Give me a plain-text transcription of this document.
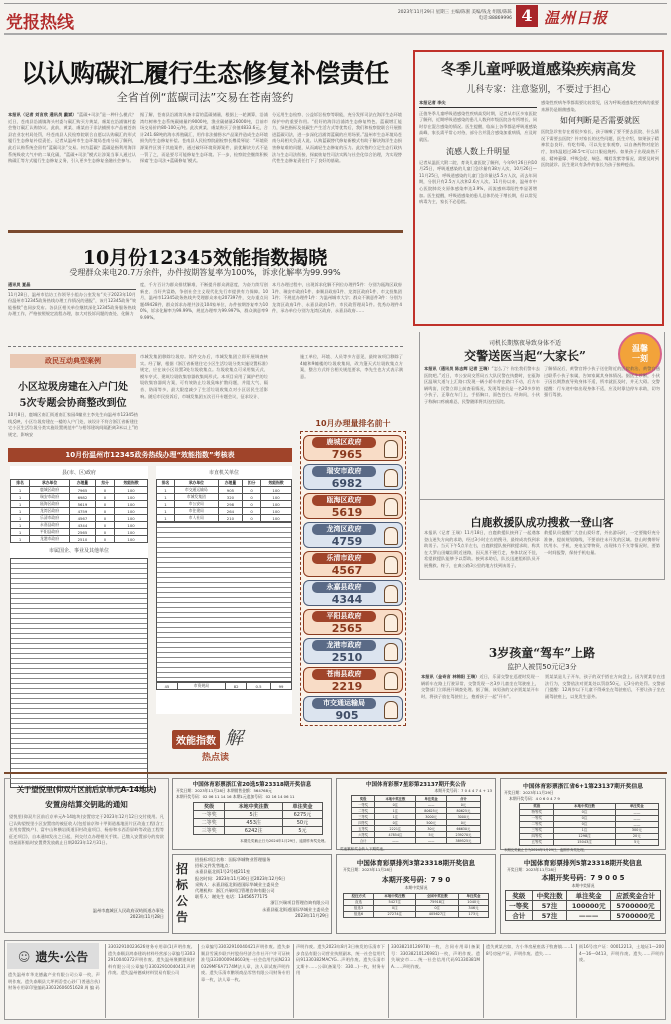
党报热线
2023年11月29日 星期三 主编/陈蜜 美编/钱龙 组版/陈陈
电话:88869996 4 温州日报
以认购碳汇履行生态修复补偿责任
全省首例“蓝碳司法”交易在苍南签约
本报讯（记者 刘言欣 通讯员 戴斌）“蓝碳+司法”是一种什么模式？近日，苍南县沿浦镇海头村委与碳汇购买方黄某、虞某在沿浦镇村委会签订碳汇认购协议。此前，黄某、虞某由于非法捕捞水产品被苍南县农业农村局处罚，经苍南县人民检察院联合自愿以认购碳汇的形式履行生态修复补偿责任。记者从温州市生态环境局苍南分局了解到，此后认购系统会留有“蓝碳司法”交易。何为蓝碳？蓝碳是指利用海洋系统吸收大气中的二氧化碳，“蓝碳+司法”模式让涉案当事人通过认购碳汇等方式履行生态修复义务，引入更多生态修复金融社会参与。
据了解，苍南县沿浦湾具备丰富的蓝碳储量，根据上一轮测算，沿浦湾红树林生态系统碳储量约9000吨，渔业碳储量26000吨，目前市场交易价约80-100元/吨。此次黄某、虞某购买了价值4833.6元，合计241.68吨的海水养殖碳汇，用作非法捕捞水产品案件造成生态环境损失的生态修复补偿。苍南县人民检察院副检察长傅爱琴说：“环境资源案件区别于其他案件，通过破坏环境资源案件，最优解决方式不是一罚了之，而是要尽可能修复生态环境。下一步，检察院会继续积极探索‘生态司法+蓝碳修复’模式。
分运用生态检察、公益诉讼检察等职能，充分发挥司法在海洋生态环境保护中的重要作用。“很好的海洋沿浦湾生态修复特色、蓝碳增汇能力，绿色指标及低碳生产生活方式等优势后，我们和检察院联合开展推进蓝碳司法，进一步深化沿浦湾蓝碳的应用场景。”温州市生态环境局苍南分局相关负责人说。认购蓝碳替代修复新模式有助于解决海洋生态损害修复难的问题，从而减轻生态修复的压力。此次签约立足生态行政执法与生态司法衔接，探索恢复性司法实践与社会化综合治理，为实现替代性生态修复责任打下了良好的基础。
10月份12345效能指数揭晓
受理群众来电20.7万余件，办件按期答复率为100%，诉求化解率为99.99%
通讯员 夏晶
11月28日，温州市信访工作领导小组办公室发布“关于2023年10月份温州市12345政务热线办理工作情况的通报”，该月12345政务“效能指数”也同步发布。各县区相关单位继续深化12345政务服务热线办理工作，严格按照规定流程办理，加大对投诉问题的查处、化解力
度，千方百计为群众排忧解难，不断提升群众满意度，为奋力续写创新史、当好共富路，争创社会主义现代化先行市提供有力保障。10月，温州市12345政务热线共受理群众来电207397件，交办重点问题49428件，群众诉求办理共涉及104家单位，办件按期答复率为100%，诉求化解率为99.99%，规范办理率为99.997%，群众满意率99.99%。
本月办理过程中，出现诉求化解不到位办理件5件：分别为瓯海区政府1件、瑞安市政府1件、泰顺县政府1件、龙湾区政府1件、市文投集团1件；不规范办理件1件：为温州城市大学；群众不满意件3件：分别为龙湾区政府1件、永嘉县政府1件、市民政管理局1件。优秀办理件4件，承办单位分别为龙湾区政府、永嘉县政府……
政民互动典型案例
小区垃圾房建在入户门处
5次专题会协商整改到位
10月8日，鹿城区南汇街道南汇家园4幢业主李先生向温州市12345热线反映，小区垃圾房建在一楼的入户门处，该设计不符合浙江省新建住宅小区生活垃圾分类实施设置规范中“与相邻建筑间隔距离3米以上”的规定，影响安
市城发集团移除垃圾房。诉件交办后，市城发集团立即开展调查核实。经了解，根据《浙江省新建住宅小区生活垃圾分类实施设置标准》规定，应在该小区设置3处垃圾收集点。垃圾收集点可采用集天式、模车亭式、建筑垃圾收集容器收集间形式。本项目采用了属护栏的垃圾收集容器间方案，可有效防止垃圾臭味扩散问题，并阻大气、隔音、防雨等多，最大限度减少了生活垃圾收集点对小区居民生活影响。随后市民投诉后，市城发集团五次召开专题会议，征求设计、
施工单位，环境、人员等多方意见，最终该项目移除了4幢和9幢楼的垃圾收集间，改为篷天式垃圾收集点方案，整合方式符合相关规范要求，李先生也方式表示满意。
10月份温州市12345政务热线办理“效能指数”考核表
县(市、区)政府
排名	承办单位	办理量	扣分	效能指数
1	鹿城区政府	7965	0	100
1	瑞安市政府	6982	0	100
1	瓯海区政府	5619	0	100
1	龙湾区政府	4759	0	100
1	乐清市政府	4567	0	100
1	永嘉县政府	4344	0	100
1	平阳县政府	2565	0	100
1	龙港市政府	2510	0	100
市属国企、事业及其他单位
市直机关单位
排名	承办单位	办理量	扣分	效能指数
1	市交通运输局	905	0	100
1	市城发集团	320	0	100
1	市公安局	298	0	100
1	市住建局	264	0	100
1	市人社局	210	0	100
45	市资规局	82	0.5	99
效能指数 解
热点读
10月办理量排名前十
鹿城区政府
7965
瑞安市政府
6982
瓯海区政府
5619
龙湾区政府
4759
乐清市政府
4567
永嘉县政府
4344
平阳县政府
2565
龙港市政府
2510
苍南县政府
2219
市交通运输局
905
冬季儿童呼吸道感染疾病高发
儿科专家：注意鉴别，不要过于担心
本报记者 李尖
正值冬季儿童呼吸道感染性疾病高发时期，记者从市区多家医院了解到，近期呼吸道感染的患儿人数到市级医院各有所增长，同时存在混合感染的情况。医生提醒，临床上各季都是呼吸道感染高峰，家长需平常心对待，部分合并混合感染加重病情，应及时就医。
流感人数上升明显
记者从温医大附二院、育英儿童医院了解到，今年9月26日到10月25日，呼吸道感染的儿童门急诊量有38万人次，10月26日—11月25日，呼吸道感染的儿童门急诊量达5.5万人次，而去年同期，分别只有2.5万人次和2.6万人次。11月份以来，温州市中心医院肺炎支原体感染率达3.9%，而流感病毒阳性率显著增加。医生提醒，呼吸道感染的患儿总体仍处于增长期，但以常见病毒为主，家长不必恐慌。
感染性疾病冬季都需要比较常见，因为呼吸道感染性疾病的重要来源仍是细菌感染。
如何判断是否需要就医
医院急诊室存在着很多家长，孩子咳嗽了要不要去医院、什么情况下需要去医院？针对家长的这些问题，医生介绍，如果孩子精神状态良好、有吃有喝，可以先在家观察，以自备药物对症治疗，如体温超过38.5℃可以口服退烧药。如果孩子出现高热不退、精神萎靡、呼吸急促、喘息、嘴唇发紫等情况，需要及时到医院就诊。医生建议有条件的家长为孩子接种疫苗。
司机长期熬夜导致身体不适
交警送医当起“大家长”
温馨
一刻
本报讯（通讯员 陈志辉 记者 王瑞）“怎么了？你坐我们警车去医院吧。”近日，市公安局交管局五大队民警在执勤时，在瓯海区温瑞大道与上汇路口发现一辆小轿车停在路口不动，后方车辆鸣笛，民警立即上前查看情况，发现驾驶员是一名20多岁的小伙子，正靠在车门上，手捂胸口，面色苍白。经询问，小伙子称胸口疼痛难忍，民警随即将其送往医院。
了解情况后，黄警官将小伙子送往附近的医院救治。黄警官通过联系小伙子家属，告知家属其身体情况。据医生诊断，小伙子因长期熬夜导致身体不适，所幸就医及时，并无大碍。交警提醒：行车途中如出现身体不适，应及时靠边停车求助，切勿强行驾驶。
白鹿救援队成功搜救一登山客
本报讯（记者 王瑞）11月18日，白鹿救援队接到了一起遇客登山迷失方向的求助，经过3小时左右的搜寻，最终成功找到求助男子。当天下午5点半左右，白鹿救援队接到救援求助，称其在大罗山田螺岩附近迷路，因天黑不便行走，身体状况不佳，希望救援队能够予以帮助。接到求助后，队长迅速组织队员开展搜救。终于，在离公路3公里的地方找到该男子。
救援队员提醒广大登山爱好者，外出游玩时，一定要做好充分准备，提前规划路线，不要前往未开发的区域。登山时携带好饮用水、手机、充电宝等物资，出现体力不支等情况时，要第一时间报警，保持手机电量。
3岁孩童“驾车”上路
监护人被罚50元记3分
本报讯（金奇言 林锦阳 王瑞）近日，乐清交警在巡逻时发现一辆轿车在路上行驶异常，交警发现一名3岁儿童坐在驾驶座上，交警部门立即展开调查处理。据了解，该男孩的父亲贾某某开车时，将孩子放在驾驶位上，抱着孩子一起“开车”。
贾某某是儿子开车，孩子的双手搭在方向盘上。因为贾某存在违法行为，交警依法对贾某处以罚款50元，记3分的处罚。交警部门提醒：12周岁以下儿童不得乘坐在驾驶座后，不要让孩子坐在副驾驶座上，以免发生意外。
关于望悦里(仰双片区前后京单元A-14地块)
安置房结算交钥匙的通知
望悦里(仰双片区前后京单元A-14地块)安置房定于2023年12月12日交付使用。凡已认购望悦里小区安置房的被征收人(包括前京和十甲街道基地田片区改造工程(含工业用房置换户)、富中山和横岩街道旧村改造项目、杨府和水西岙屏岭等改造工程等征迁项目)，自本通知发出之日起，到交付点办理相关手续。已缴入安置部分的房款房屋面积临时安置费发放截止日期2023年12月31日。
温州市鹿城区人民政府双屿街道办事处
2023年11月28日
中国体育彩票浙江省20选5第23318期开奖信息
开奖日期：2023年11月28日 本期销售金额：564768元
本期开奖号码：02 06 11 14 16 本期1元追加号码：02 16 14 06 11
奖级	本地中奖注数	单注奖金
一等奖	5注	6275元
二等奖	453注	50元
三等奖	6242注	5元
本期兑奖截止日为2024年1月29日，逾期作弃奖处理。
中国体育彩票7星彩第23137期开奖公告
本期开奖号码：7 0 4 4 7 4 + 13
奖级	本地中奖注数	单注奖金	合计
一等奖	0注	——	0元
二等奖	1注	80625元	80625元
三等奖	1注	3000元	3000元
四等奖	0注	500元	0元
五等奖	2221注	30元	66630元
六等奖	47854注	5元	239270元
合计	——	——	389525元
奖池累积奖金转入下期奖池。
中国体育彩票浙江省6+1第23137期开奖信息
开奖日期：2023年11月29日
本期开奖号码：4 0 6 0 4 7 9
奖级	本地中奖注数	单注奖金
特等奖	0注	——
一等奖	0注	——
二等奖	0注	——
三等奖	1注	300元
四等奖	1298注	20元
五等奖	15043注	5元
本期兑奖截止日为2024年1月29日，逾期作弃奖处理。
招标公告
招投标项目名称：国际华城物业管理服务
招标文件发售地点：
永嘉县瓯北街1号2号楼211室
报名时间：2023年11月30日至2023年12月6日
采购人：永嘉县瓯北街道国际华城业主委员会
代理机构：浙江兴瑞项目管理咨询有限公司
联系人：谢先生 电话：13456577175
浙江兴瑞项目管理咨询有限公司
永嘉县瓯北街道国际华城业主委员会
2023年11月29日
中国体育彩票排列3第23318期开奖信息
开奖日期：2023年11月28日
本期开奖号码：7 9 0
本期中奖情况
投注方式	本地中奖注数	全国中奖注数	单注奖金
直选	5427注	75918注	1040元
组选3	0注	0注	346元
组选6	27274注	405627注	173元
中国体育彩票排列5第23318期开奖信息
开奖日期：2023年11月28日
本期开奖号码：7 9 0 0 5
本期中奖情况
奖级	中奖注数	单注奖金	应派奖金合计
一等奖	57注	100000元	5700000元
合计	57注	———	5700000元
☺ 遗失·公告
遗失温州市华龙德鑫产业有限公司公章一枚，声明作废。遗失泰顺县大坪两岙莹心砂厂(普通合伙)财务专用章印鉴编码33032606051628 周 编 码
33032910023626财务专用章(1)声明作废。遗失泰顺县鸿泰建筑材料经营部公章编号33032910040372声明作废。遗失温州聚腾建筑材料有限公司公章编号33032910040431声明作废。遗失温州德威材料贸易有限公司
公章编号33032910040421声明作废。遗失泰顺县雪溪乡联兴村股份经济合作社开户许可证核准号J3330000948603统一社会信用代码N2330329MF6A7174M法人章，法人章试废声明作废。遗失乐清市鹏领商品零售有限公司财务专用章一枚，法人章一枚。
声明作废。遗失2023年8月3日核发的乐清市下步食品有限公司营业执照副本，统一社会信用代码91330382MACYG…声明作废。遗失乐清市文斯卡……公章(备案号：330…)一枚，财务专用
33038210126978)一枚，合同专用章(备案号：33038210126981)一枚，声明作废。遗失瑞安市……统一社会信用代码91330381MA……声明作废。
遗失黄某吉如，方小华房屋座落于牧唐镇……18号房屋产证，声明作废。遗失……
街16号房产证：00012213，土地证1—2004—16—0413，声明作废。遗失……声明作废。
